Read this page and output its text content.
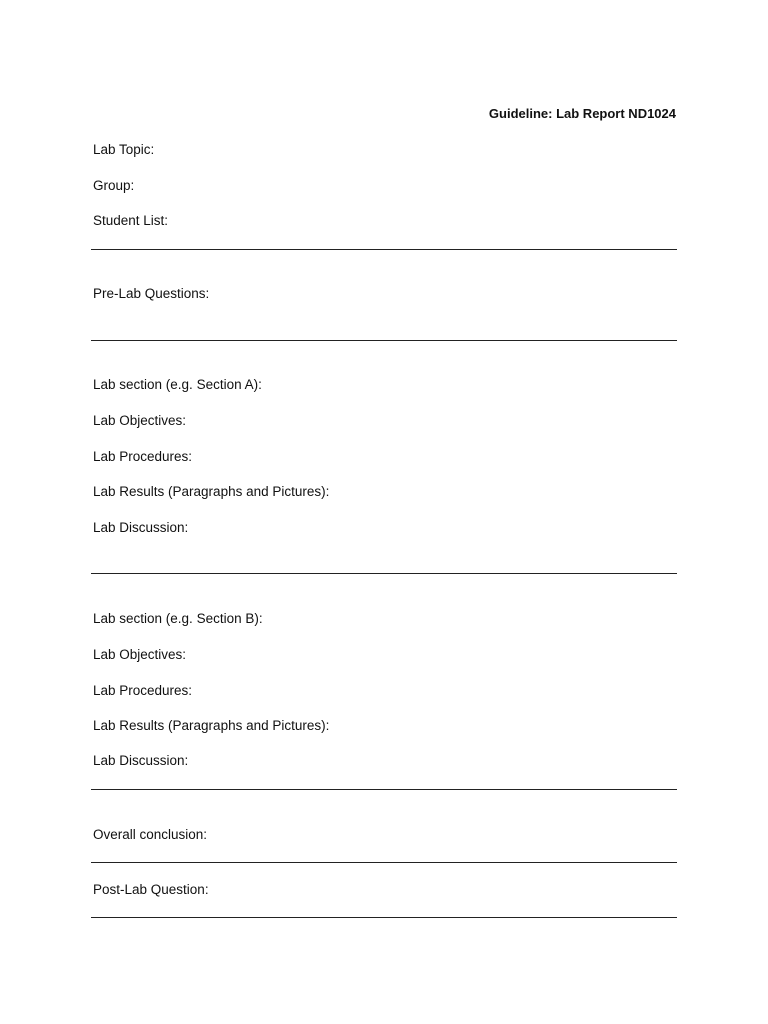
Guideline: Lab Report ND1024
Lab Topic:
Group:
Student List:
Pre-Lab Questions:
Lab section (e.g. Section A):
Lab Objectives:
Lab Procedures:
Lab Results (Paragraphs and Pictures):
Lab Discussion:
Lab section (e.g. Section B):
Lab Objectives:
Lab Procedures:
Lab Results (Paragraphs and Pictures):
Lab Discussion:
Overall conclusion:
Post-Lab Question:
